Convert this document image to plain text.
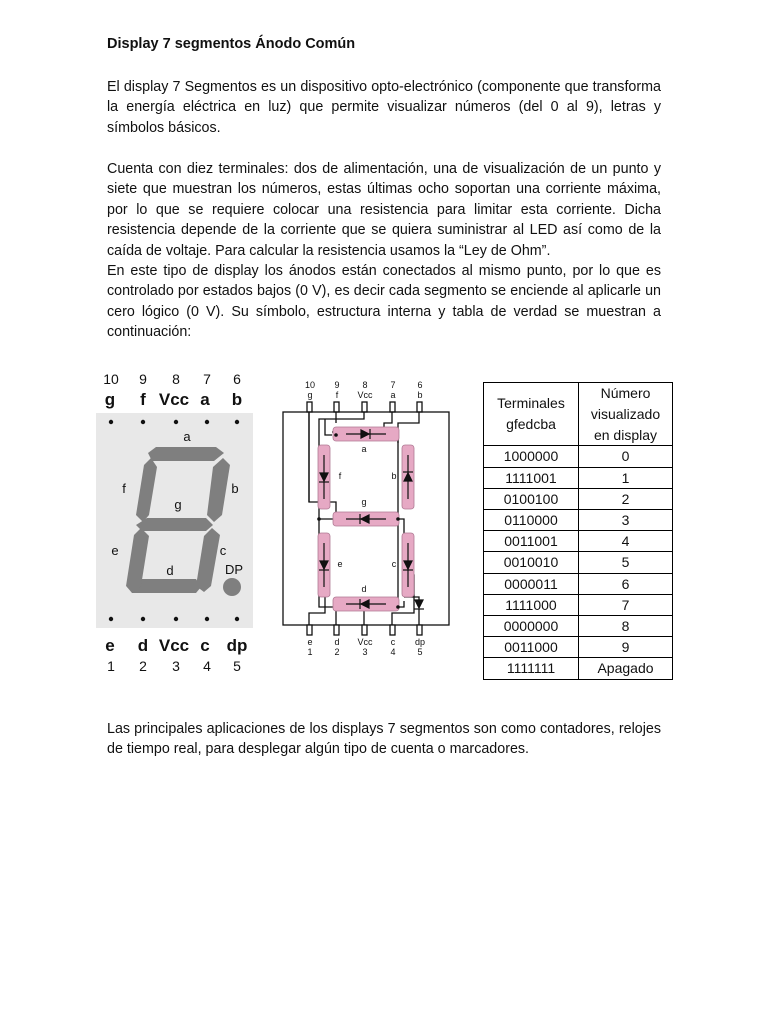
Display 7 segmentos Ánodo Común

El display 7 Segmentos es un dispositivo opto-electrónico (componente que transforma la energía eléctrica en luz) que permite visualizar números (del 0 al 9), letras y símbolos básicos.

Cuenta con diez terminales: dos de alimentación, una de visualización de un punto y siete que muestran los números, estas últimas ocho soportan una corriente máxima, por lo que se requiere colocar una resistencia para limitar esta corriente. Dicha resistencia depende de la corriente que se quiera suministrar al LED así como de la caída de voltaje. Para calcular la resistencia usamos la “Ley de Ohm”.

En este tipo de display los ánodos están conectados al mismo punto, por lo que es controlado por estados bajos (0 V), es decir cada segmento se enciende al aplicarle un cero lógico (0 V). Su símbolo, estructura interna y tabla de verdad se muestran a continuación:

10	9	8	7	6
g	f Vcc a	b
a
b
c
d
e
f
g
DP
e	d Vcc c dp
1	2	3	4	5
10	9	8	7	6
g	f	Vcc	a	b
a
b
c
d
e
f
g
e	d	Vcc	c	dp
1	2	3	4	5
Terminales gfedcba	Número visualizado en display
1000000	0
1111001	1
0100100	2
0110000	3
0011001	4
0010010	5
0000011	6
1111000	7
0000000	8
0011000	9
1111111	Apagado

Las principales aplicaciones de los displays 7 segmentos son como contadores, relojes de tiempo real, para desplegar algún tipo de cuenta o marcadores.
